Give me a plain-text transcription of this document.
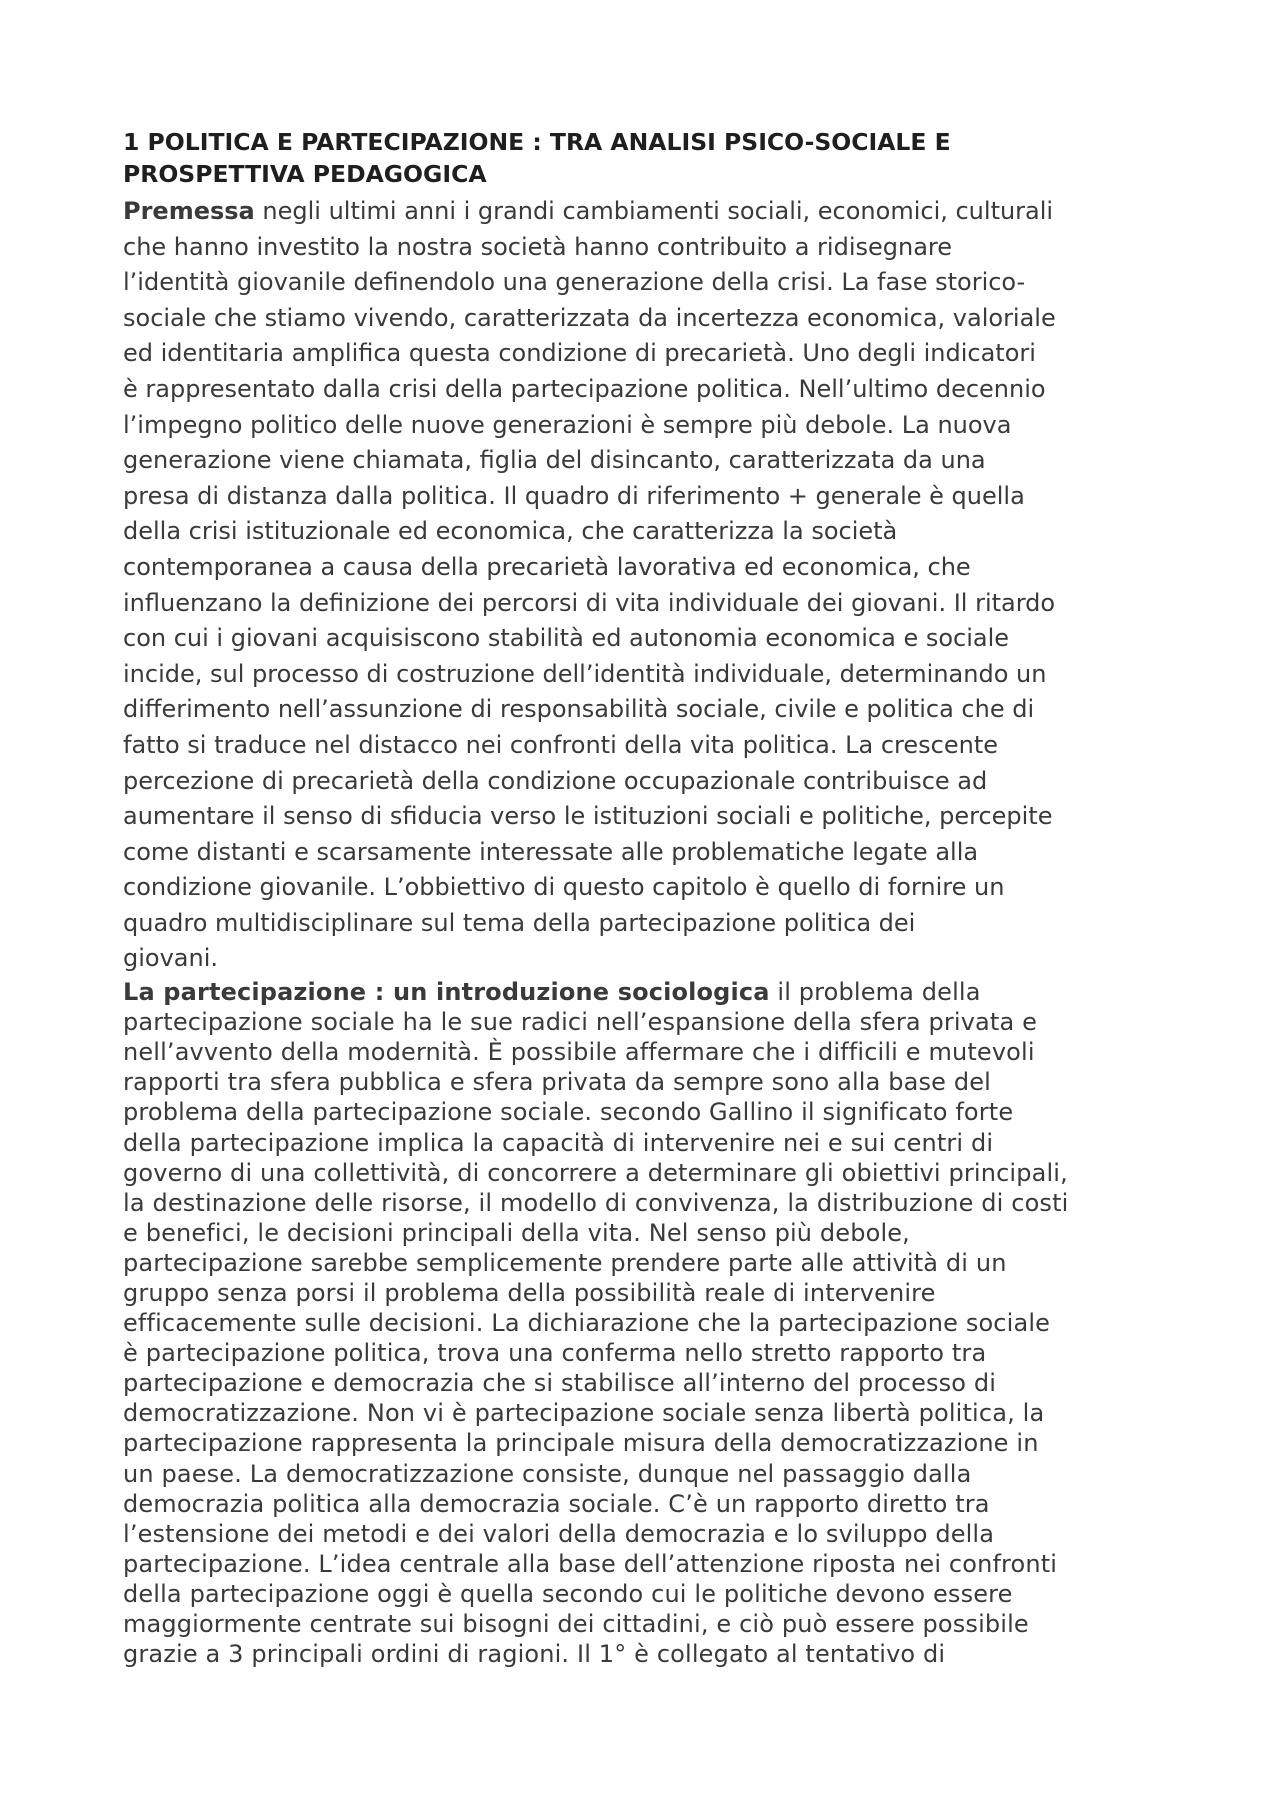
1 POLITICA E PARTECIPAZIONE : TRA ANALISI PSICO-SOCIALE E
PROSPETTIVA PEDAGOGICA
Premessa negli ultimi anni i grandi cambiamenti sociali, economici, culturali
che hanno investito la nostra società hanno contribuito a ridisegnare
l’identità giovanile definendolo una generazione della crisi. La fase storico-
sociale che stiamo vivendo, caratterizzata da incertezza economica, valoriale
ed identitaria amplifica questa condizione di precarietà. Uno degli indicatori
è rappresentato dalla crisi della partecipazione politica. Nell’ultimo decennio
l’impegno politico delle nuove generazioni è sempre più debole. La nuova
generazione viene chiamata, figlia del disincanto, caratterizzata da una
presa di distanza dalla politica. Il quadro di riferimento + generale è quella
della crisi istituzionale ed economica, che caratterizza la società
contemporanea a causa della precarietà lavorativa ed economica, che
influenzano la definizione dei percorsi di vita individuale dei giovani. Il ritardo
con cui i giovani acquisiscono stabilità ed autonomia economica e sociale
incide, sul processo di costruzione dell’identità individuale, determinando un
differimento nell’assunzione di responsabilità sociale, civile e politica che di
fatto si traduce nel distacco nei confronti della vita politica. La crescente
percezione di precarietà della condizione occupazionale contribuisce ad
aumentare il senso di sfiducia verso le istituzioni sociali e politiche, percepite
come distanti e scarsamente interessate alle problematiche legate alla
condizione giovanile. L’obbiettivo di questo capitolo è quello di fornire un
quadro multidisciplinare sul tema della partecipazione politica dei
giovani.
La partecipazione : un introduzione sociologica il problema della
partecipazione sociale ha le sue radici nell’espansione della sfera privata e
nell’avvento della modernità. È possibile affermare che i difficili e mutevoli
rapporti tra sfera pubblica e sfera privata da sempre sono alla base del
problema della partecipazione sociale. secondo Gallino il significato forte
della partecipazione implica la capacità di intervenire nei e sui centri di
governo di una collettività, di concorrere a determinare gli obiettivi principali,
la destinazione delle risorse, il modello di convivenza, la distribuzione di costi
e benefici, le decisioni principali della vita. Nel senso più debole,
partecipazione sarebbe semplicemente prendere parte alle attività di un
gruppo senza porsi il problema della possibilità reale di intervenire
efficacemente sulle decisioni. La dichiarazione che la partecipazione sociale
è partecipazione politica, trova una conferma nello stretto rapporto tra
partecipazione e democrazia che si stabilisce all’interno del processo di
democratizzazione. Non vi è partecipazione sociale senza libertà politica, la
partecipazione rappresenta la principale misura della democratizzazione in
un paese. La democratizzazione consiste, dunque nel passaggio dalla
democrazia politica alla democrazia sociale. C’è un rapporto diretto tra
l’estensione dei metodi e dei valori della democrazia e lo sviluppo della
partecipazione. L’idea centrale alla base dell’attenzione riposta nei confronti
della partecipazione oggi è quella secondo cui le politiche devono essere
maggiormente centrate sui bisogni dei cittadini, e ciò può essere possibile
grazie a 3 principali ordini di ragioni. Il 1° è collegato al tentativo di
